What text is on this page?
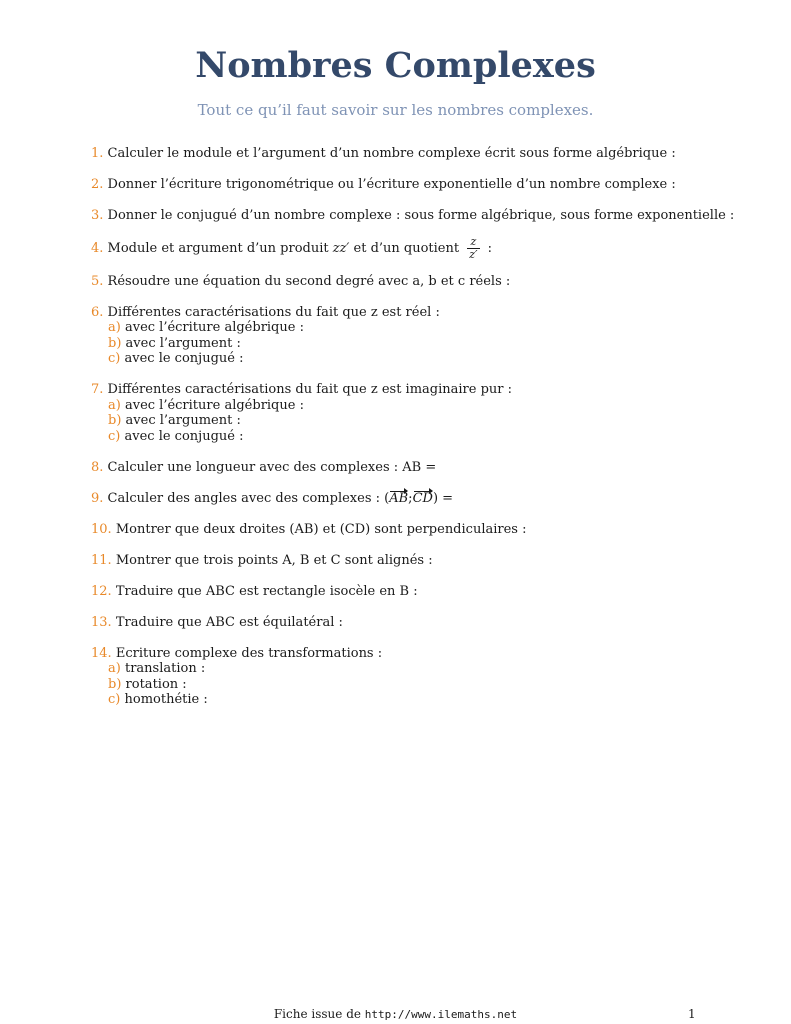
Nombres Complexes
Tout ce qu’il faut savoir sur les nombres complexes.
1. Calculer le module et l’argument d’un nombre complexe écrit sous forme algébrique :
2. Donner l’écriture trigonométrique ou l’écriture exponentielle d’un nombre complexe :
3. Donner le conjugué d’un nombre complexe : sous forme algébrique, sous forme exponentielle :
4. Module et argument d’un produit zz′ et d’un quotient $\frac{z}{z'}$ :
5. Résoudre une équation du second degré avec a, b et c réels :
6. Différentes caractérisations du fait que z est réel :
a) avec l’écriture algébrique :
b) avec l’argument :
c) avec le conjugué :
7. Différentes caractérisations du fait que z est imaginaire pur :
a) avec l’écriture algébrique :
b) avec l’argument :
c) avec le conjugué :
8. Calculer une longueur avec des complexes : AB =
9. Calculer des angles avec des complexes : (AB;CD) =
10. Montrer que deux droites (AB) et (CD) sont perpendiculaires :
11. Montrer que trois points A, B et C sont alignés :
12. Traduire que ABC est rectangle isocèle en B :
13. Traduire que ABC est équilatéral :
14. Ecriture complexe des transformations :
a) translation :
b) rotation :
c) homothétie :
Fiche issue de http://www.ilemaths.net	1
